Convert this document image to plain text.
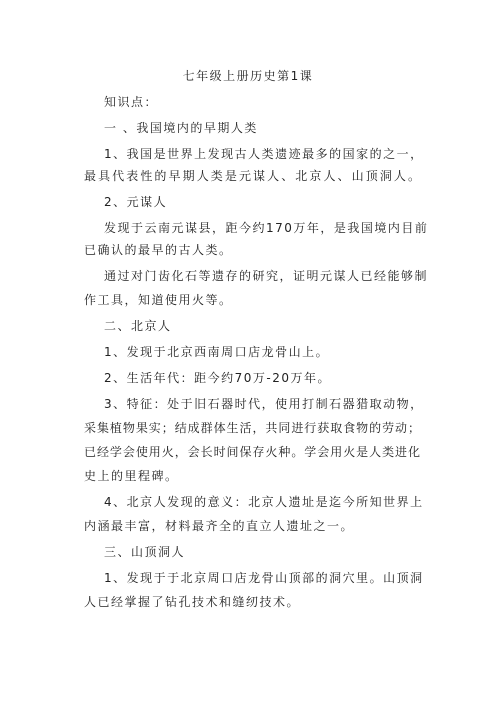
七年级上册历史第1课
知识点：
一 、我国境内的早期人类
1、我国是世界上发现古人类遗迹最多的国家的之一，
最具代表性的早期人类是元谋人、北京人、山顶洞人。
2、元谋人
发现于云南元谋县，距今约170万年，是我国境内目前
已确认的最早的古人类。
通过对门齿化石等遗存的研究，证明元谋人已经能够制
作工具，知道使用火等。
二、北京人
1、发现于北京西南周口店龙骨山上。
2、生活年代：距今约70万-20万年。
3、特征：处于旧石器时代，使用打制石器猎取动物，
采集植物果实；结成群体生活，共同进行获取食物的劳动；
已经学会使用火，会长时间保存火种。学会用火是人类进化
史上的里程碑。
4、北京人发现的意义：北京人遗址是迄今所知世界上
内涵最丰富，材料最齐全的直立人遗址之一。
三、山顶洞人
1、发现于于北京周口店龙骨山顶部的洞穴里。山顶洞
人已经掌握了钻孔技术和缝纫技术。
